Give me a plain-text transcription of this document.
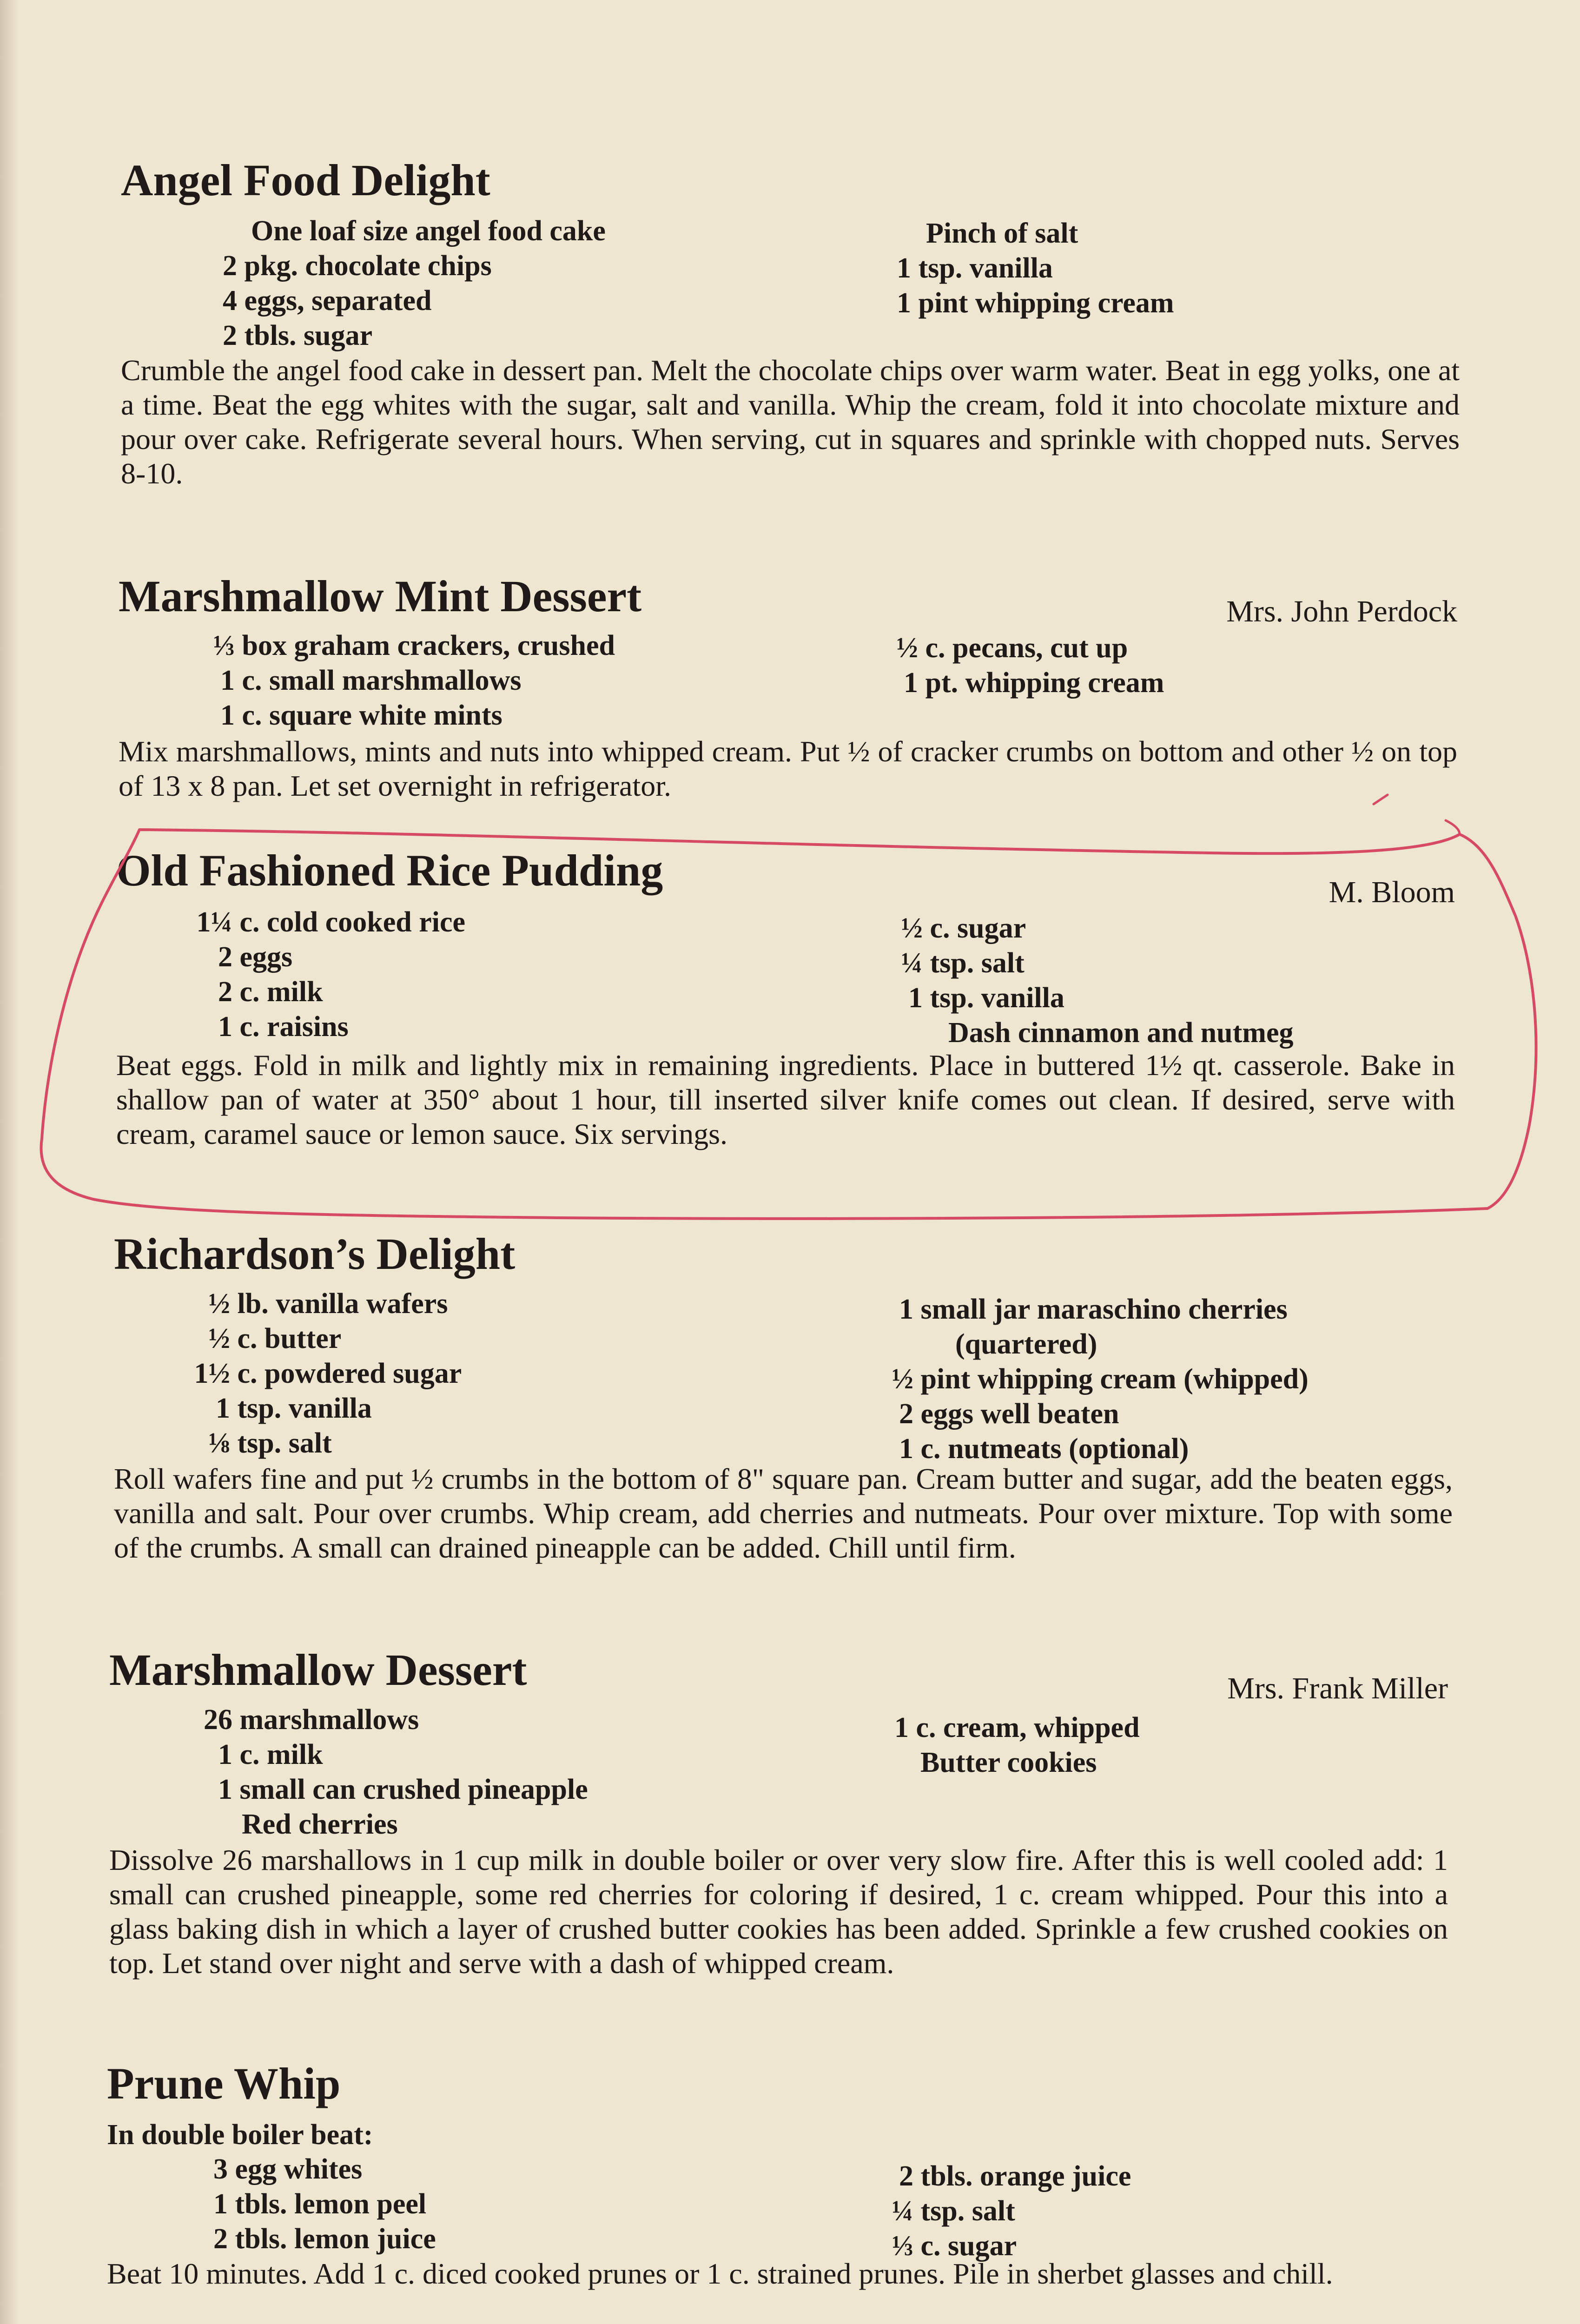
Angel Food Delight
One loaf size angel food cake
2 pkg. chocolate chips
4 eggs, separated
2 tbls. sugar
Pinch of salt
1 tsp. vanilla
1 pint whipping cream
Crumble the angel food cake in dessert pan. Melt the chocolate chips over warm water. Beat in egg yolks, one at a time. Beat the egg whites with the sugar, salt and vanilla. Whip the cream, fold it into chocolate mixture and pour over cake. Refrigerate several hours. When serving, cut in squares and sprinkle with chopped nuts. Serves 8-10.
Marshmallow Mint Dessert	Mrs. John Perdock
⅓ box graham crackers, crushed
1 c. small marshmallows
1 c. square white mints
½ c. pecans, cut up
1 pt. whipping cream
Mix marshmallows, mints and nuts into whipped cream. Put ½ of cracker crumbs on bottom and other ½ on top of 13 x 8 pan. Let set overnight in refrigerator.
Old Fashioned Rice Pudding	M. Bloom
1¼ c. cold cooked rice
2 eggs
2 c. milk
1 c. raisins
½ c. sugar
¼ tsp. salt
1 tsp. vanilla
Dash cinnamon and nutmeg
Beat eggs. Fold in milk and lightly mix in remaining ingredients. Place in buttered 1½ qt. casserole. Bake in shallow pan of water at 350° about 1 hour, till inserted silver knife comes out clean. If desired, serve with cream, caramel sauce or lemon sauce. Six servings.
Richardson’s Delight
½ lb. vanilla wafers
½ c. butter
1½ c. powdered sugar
1 tsp. vanilla
⅛ tsp. salt
1 small jar maraschino cherries
(quartered)
½ pint whipping cream (whipped)
2 eggs well beaten
1 c. nutmeats (optional)
Roll wafers fine and put ½ crumbs in the bottom of 8" square pan. Cream butter and sugar, add the beaten eggs, vanilla and salt. Pour over crumbs. Whip cream, add cherries and nutmeats. Pour over mixture. Top with some of the crumbs. A small can drained pineapple can be added. Chill until firm.
Marshmallow Dessert	Mrs. Frank Miller
26 marshmallows
1 c. milk
1 small can crushed pineapple
Red cherries
1 c. cream, whipped
Butter cookies
Dissolve 26 marshallows in 1 cup milk in double boiler or over very slow fire. After this is well cooled add: 1 small can crushed pineapple, some red cherries for coloring if desired, 1 c. cream whipped. Pour this into a glass baking dish in which a layer of crushed butter cookies has been added. Sprinkle a few crushed cookies on top. Let stand over night and serve with a dash of whipped cream.
Prune Whip
In double boiler beat:
3 egg whites
1 tbls. lemon peel
2 tbls. lemon juice
2 tbls. orange juice
¼ tsp. salt
⅓ c. sugar
Beat 10 minutes. Add 1 c. diced cooked prunes or 1 c. strained prunes. Pile in sherbet glasses and chill.
